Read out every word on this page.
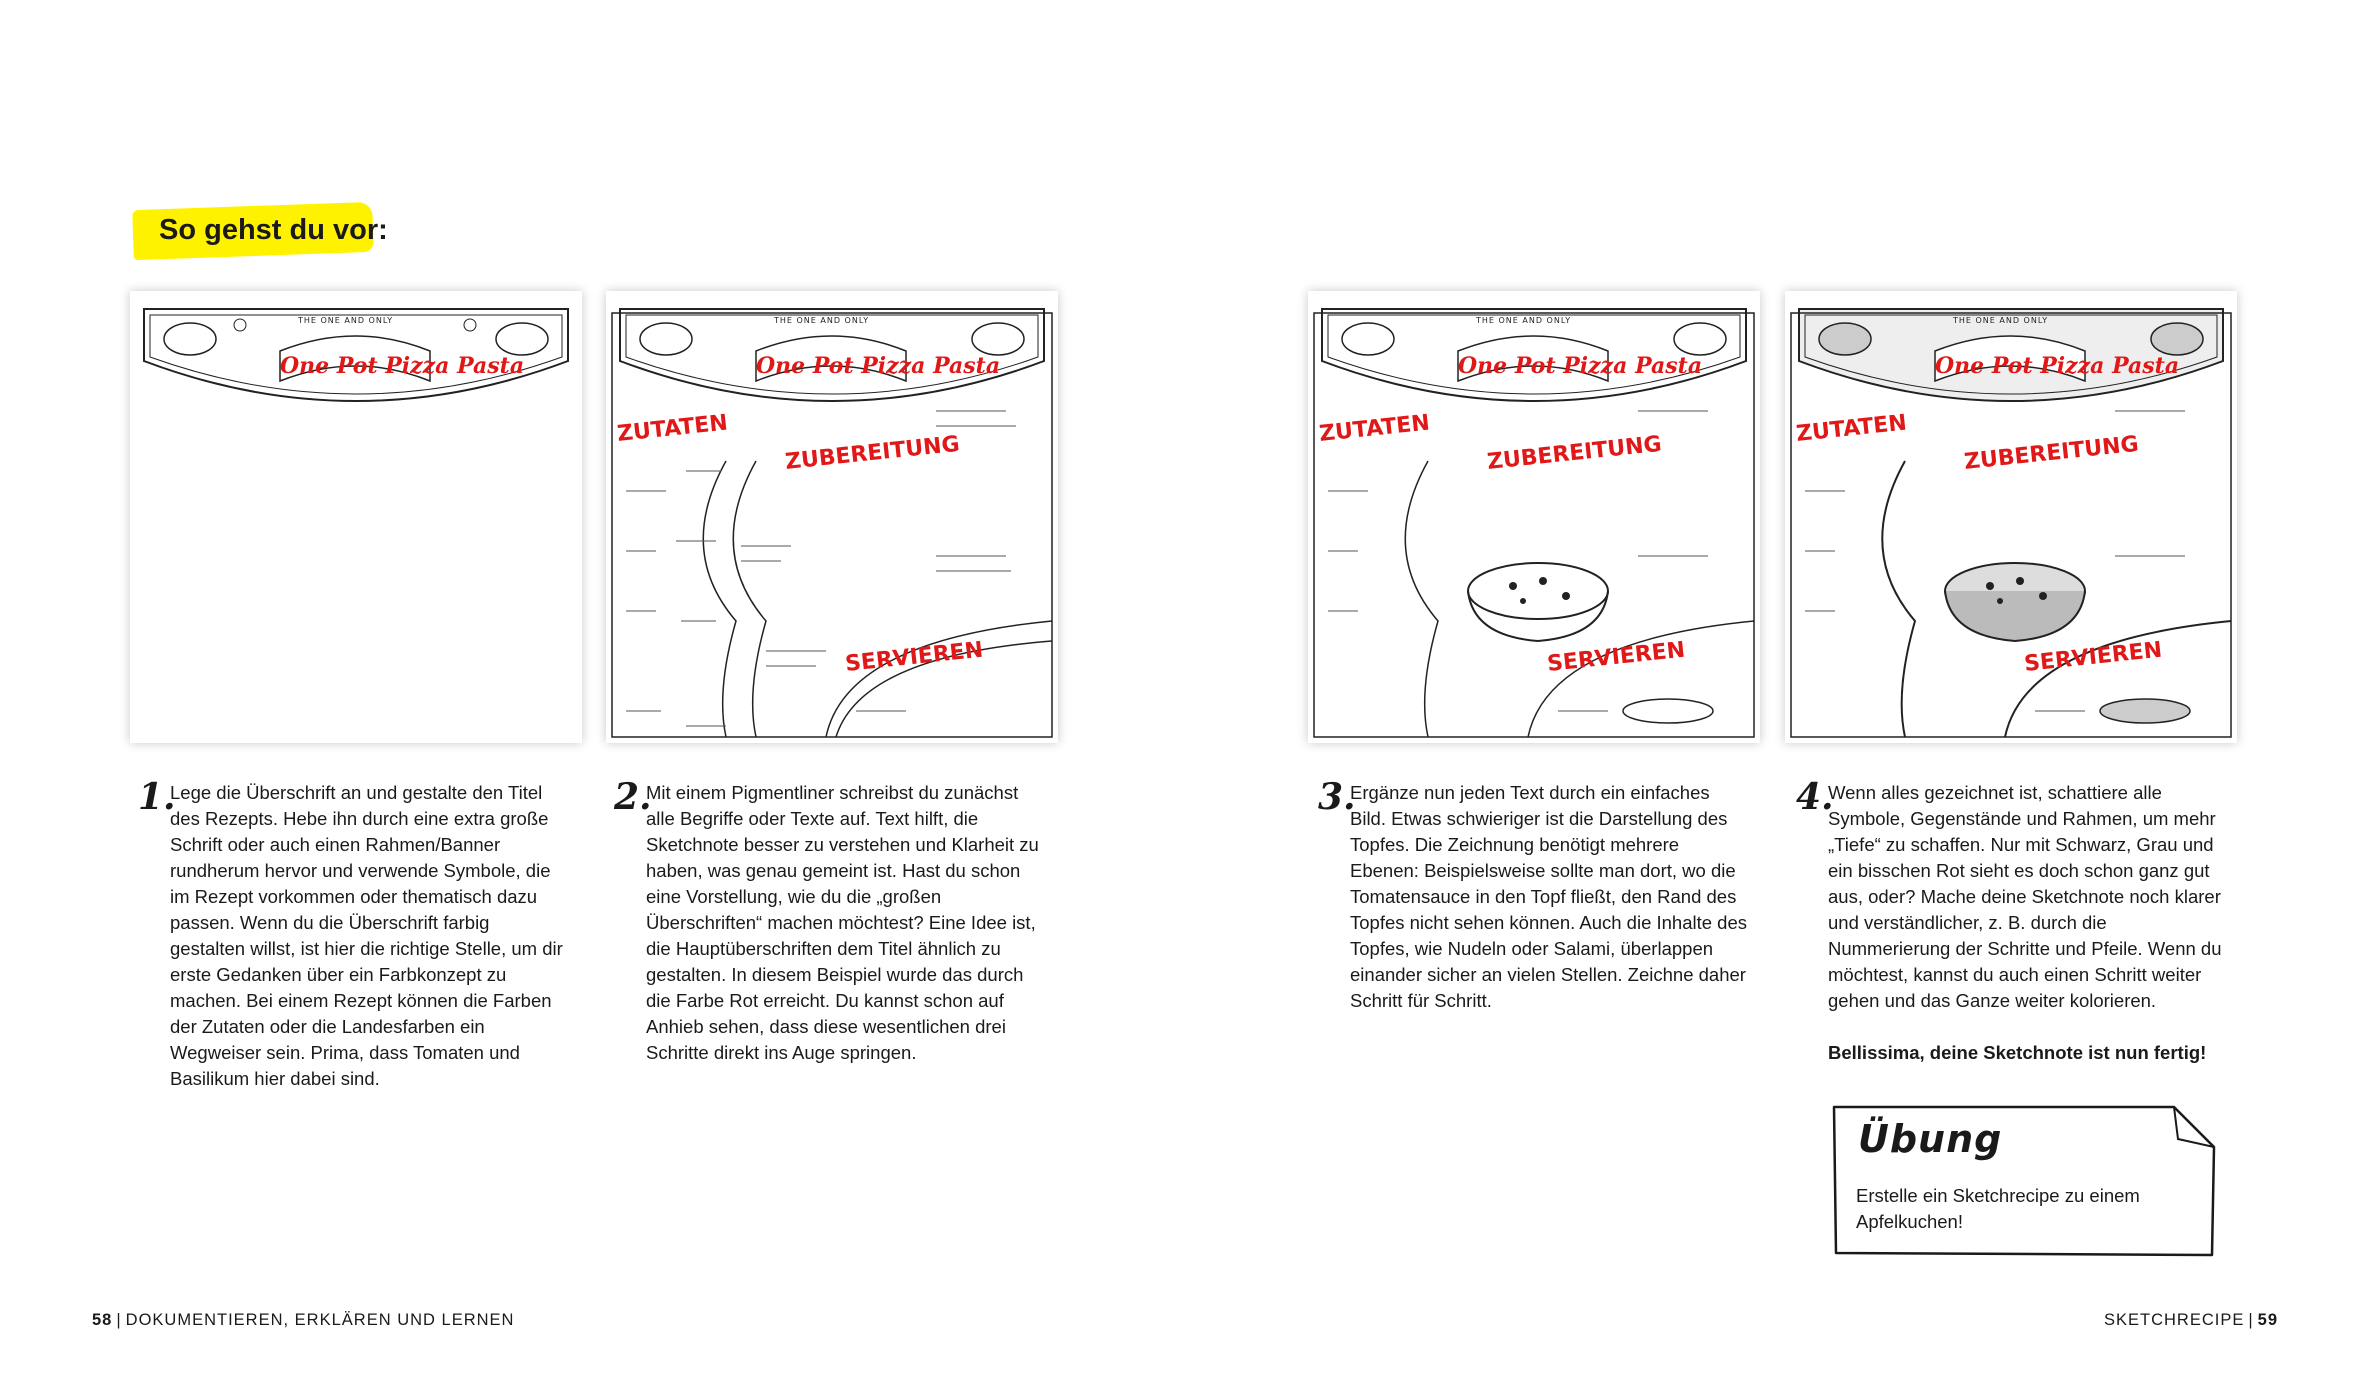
So gehst du vor:
THE ONE AND ONLY
One Pot Pizza Pasta
THE ONE AND ONLY
One Pot Pizza Pasta
ZUTATEN
ZUBEREITUNG
SERVIEREN
THE ONE AND ONLY
One Pot Pizza Pasta
ZUTATEN
ZUBEREITUNG
SERVIEREN
THE ONE AND ONLY
One Pot Pizza Pasta
ZUTATEN
ZUBEREITUNG
SERVIEREN
1.
Lege die Überschrift an und gestalte den Titel des Rezepts. Hebe ihn durch eine extra große Schrift oder auch einen Rahmen/Banner rundherum hervor und verwende Symbole, die im Rezept vorkommen oder thematisch dazu passen. Wenn du die Überschrift farbig gestalten willst, ist hier die richtige Stelle, um dir erste Gedanken über ein Farbkonzept zu machen. Bei einem Rezept können die Farben der Zutaten oder die Landesfarben ein Wegweiser sein. Prima, dass Tomaten und Basilikum hier dabei sind.
2.
Mit einem Pigmentliner schreibst du zunächst alle Begriffe oder Texte auf. Text hilft, die Sketchnote besser zu verstehen und Klarheit zu haben, was genau gemeint ist. Hast du schon eine Vorstellung, wie du die „großen Überschriften“ machen möchtest? Eine Idee ist, die Hauptüberschriften dem Titel ähnlich zu gestalten. In diesem Beispiel wurde das durch die Farbe Rot erreicht. Du kannst schon auf Anhieb sehen, dass diese wesentlichen drei Schritte direkt ins Auge springen.
3.
Ergänze nun jeden Text durch ein einfaches Bild. Etwas schwieriger ist die Darstellung des Topfes. Die Zeichnung benötigt mehrere Ebenen: Beispielsweise sollte man dort, wo die Tomatensauce in den Topf fließt, den Rand des Topfes nicht sehen können. Auch die Inhalte des Topfes, wie Nudeln oder Salami, überlappen einander sicher an vielen Stellen. Zeichne daher Schritt für Schritt.
4.
Wenn alles gezeichnet ist, schattiere alle Symbole, Gegenstände und Rahmen, um mehr „Tiefe“ zu schaffen. Nur mit Schwarz, Grau und ein bisschen Rot sieht es doch schon ganz gut aus, oder? Mache deine Sketchnote noch klarer und verständlicher, z. B. durch die Nummerierung der Schritte und Pfeile. Wenn du möchtest, kannst du auch einen Schritt weiter gehen und das Ganze weiter kolorieren.
Bellissima, deine Sketchnote ist nun fertig!
Übung
Erstelle ein Sketchrecipe zu einem Apfelkuchen!
58 | DOKUMENTIEREN, ERKLÄREN UND LERNEN	SKETCHRECIPE | 59
